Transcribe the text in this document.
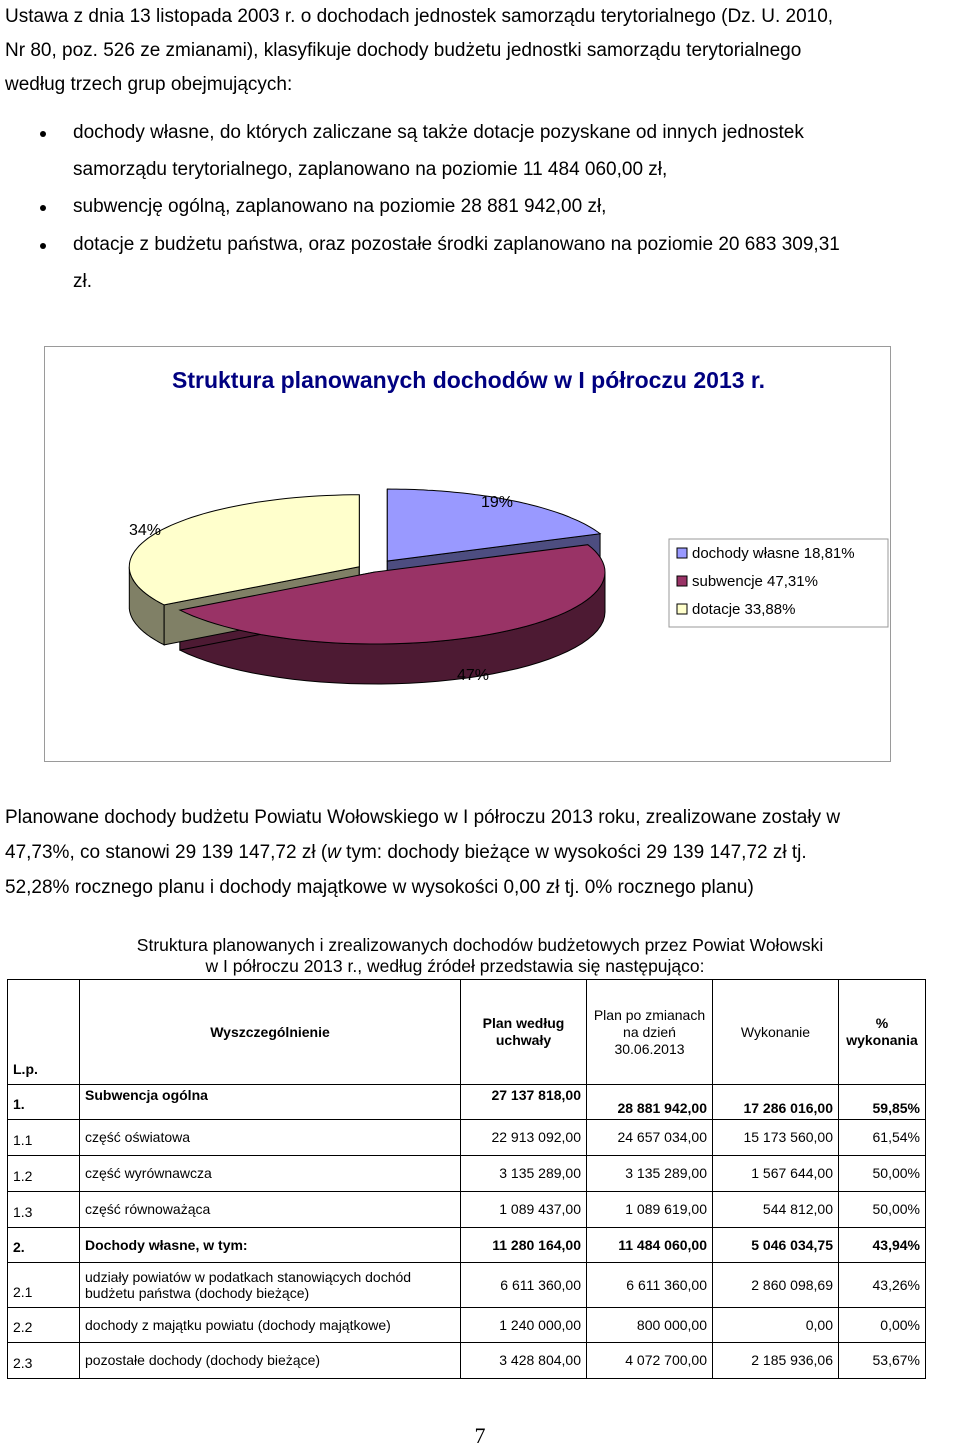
Ustawa z dnia 13 listopada 2003 r. o dochodach jednostek samorządu terytorialnego (Dz. U. 2010,
Nr 80, poz. 526 ze zmianami), klasyfikuje dochody budżetu jednostki samorządu terytorialnego
według trzech grup obejmujących:
dochody własne, do których zaliczane są także dotacje pozyskane od innych jednostek
samorządu terytorialnego, zaplanowano na poziomie 11 484 060,00 zł,
subwencję ogólną, zaplanowano na poziomie 28 881 942,00 zł,
dotacje z budżetu państwa, oraz pozostałe środki zaplanowano na poziomie 20 683 309,31
zł.
Struktura planowanych dochodów w I półroczu 2013 r.
19%
47%
34%
dochody własne 18,81%
subwencje 47,31%
dotacje 33,88%
Planowane dochody budżetu Powiatu Wołowskiego w I półroczu 2013 roku, zrealizowane zostały w
47,73%, co stanowi 29 139 147,72 zł (w tym: dochody bieżące w wysokości 29 139 147,72 zł tj.
52,28% rocznego planu i dochody majątkowe w wysokości 0,00 zł tj. 0% rocznego planu)
Struktura planowanych i zrealizowanych dochodów budżetowych przez Powiat Wołowski
w I półroczu 2013 r., według źródeł przedstawia się następująco:
L.p.	Wyszczególnienie	Plan według uchwały	Plan po zmianach na dzień 30.06.2013	Wykonanie	% wykonania
1.	Subwencja ogólna	27 137 818,00	28 881 942,00	17 286 016,00	59,85%
1.1	część oświatowa	22 913 092,00	24 657 034,00	15 173 560,00	61,54%
1.2	część wyrównawcza	3 135 289,00	3 135 289,00	1 567 644,00	50,00%
1.3	część równoważąca	1 089 437,00	1 089 619,00	544 812,00	50,00%
2.	Dochody własne, w tym:	11 280 164,00	11 484 060,00	5 046 034,75	43,94%
2.1	udziały powiatów w podatkach stanowiących dochód budżetu państwa (dochody bieżące)	6 611 360,00	6 611 360,00	2 860 098,69	43,26%
2.2	dochody z majątku powiatu (dochody majątkowe)	1 240 000,00	800 000,00	0,00	0,00%
2.3	pozostałe dochody (dochody bieżące)	3 428 804,00	4 072 700,00	2 185 936,06	53,67%
7
